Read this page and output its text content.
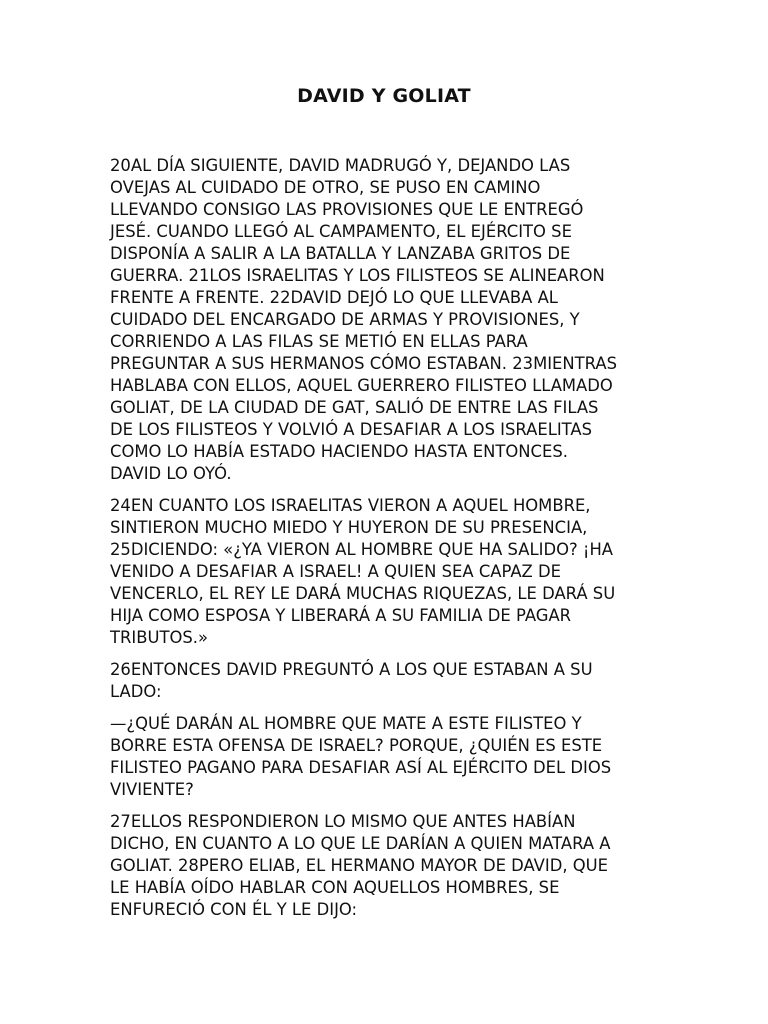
DAVID Y GOLIAT

20AL DÍA SIGUIENTE, DAVID MADRUGÓ Y, DEJANDO LAS
OVEJAS AL CUIDADO DE OTRO, SE PUSO EN CAMINO
LLEVANDO CONSIGO LAS PROVISIONES QUE LE ENTREGÓ
JESÉ. CUANDO LLEGÓ AL CAMPAMENTO, EL EJÉRCITO SE
DISPONÍA A SALIR A LA BATALLA Y LANZABA GRITOS DE
GUERRA. 21LOS ISRAELITAS Y LOS FILISTEOS SE ALINEARON
FRENTE A FRENTE. 22DAVID DEJÓ LO QUE LLEVABA AL
CUIDADO DEL ENCARGADO DE ARMAS Y PROVISIONES, Y
CORRIENDO A LAS FILAS SE METIÓ EN ELLAS PARA
PREGUNTAR A SUS HERMANOS CÓMO ESTABAN. 23MIENTRAS
HABLABA CON ELLOS, AQUEL GUERRERO FILISTEO LLAMADO
GOLIAT, DE LA CIUDAD DE GAT, SALIÓ DE ENTRE LAS FILAS
DE LOS FILISTEOS Y VOLVIÓ A DESAFIAR A LOS ISRAELITAS
COMO LO HABÍA ESTADO HACIENDO HASTA ENTONCES.
DAVID LO OYÓ.

24EN CUANTO LOS ISRAELITAS VIERON A AQUEL HOMBRE,
SINTIERON MUCHO MIEDO Y HUYERON DE SU PRESENCIA,
25DICIENDO: «¿YA VIERON AL HOMBRE QUE HA SALIDO? ¡HA
VENIDO A DESAFIAR A ISRAEL! A QUIEN SEA CAPAZ DE
VENCERLO, EL REY LE DARÁ MUCHAS RIQUEZAS, LE DARÁ SU
HIJA COMO ESPOSA Y LIBERARÁ A SU FAMILIA DE PAGAR
TRIBUTOS.»

26ENTONCES DAVID PREGUNTÓ A LOS QUE ESTABAN A SU
LADO:

—¿QUÉ DARÁN AL HOMBRE QUE MATE A ESTE FILISTEO Y
BORRE ESTA OFENSA DE ISRAEL? PORQUE, ¿QUIÉN ES ESTE
FILISTEO PAGANO PARA DESAFIAR ASÍ AL EJÉRCITO DEL DIOS
VIVIENTE?

27ELLOS RESPONDIERON LO MISMO QUE ANTES HABÍAN
DICHO, EN CUANTO A LO QUE LE DARÍAN A QUIEN MATARA A
GOLIAT. 28PERO ELIAB, EL HERMANO MAYOR DE DAVID, QUE
LE HABÍA OÍDO HABLAR CON AQUELLOS HOMBRES, SE
ENFURECIÓ CON ÉL Y LE DIJO:
